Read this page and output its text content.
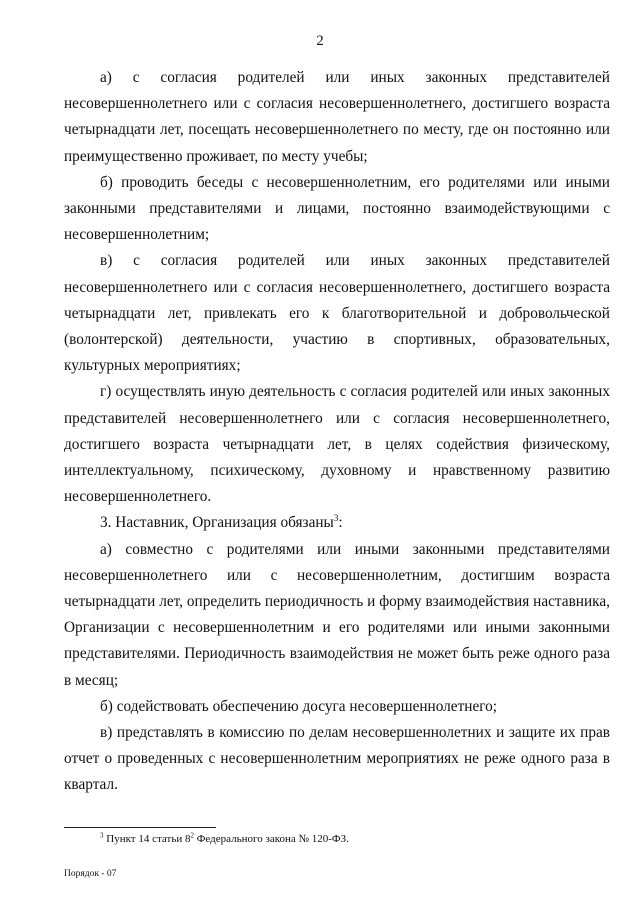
2

а) с согласия родителей или иных законных представителей несовершеннолетнего или с согласия несовершеннолетнего, достигшего возраста четырнадцати лет, посещать несовершеннолетнего по месту, где он постоянно или преимущественно проживает, по месту учебы;

б) проводить беседы с несовершеннолетним, его родителями или иными законными представителями и лицами, постоянно взаимодействующими с несовершеннолетним;

в) с согласия родителей или иных законных представителей несовершеннолетнего или с согласия несовершеннолетнего, достигшего возраста четырнадцати лет, привлекать его к благотворительной и добровольческой (волонтерской) деятельности, участию в спортивных, образовательных, культурных мероприятиях;

г) осуществлять иную деятельность с согласия родителей или иных законных представителей несовершеннолетнего или с согласия несовершеннолетнего, достигшего возраста четырнадцати лет, в целях содействия физическому, интеллектуальному, психическому, духовному и нравственному развитию несовершеннолетнего.

3. Наставник, Организация обязаны$^3$:

а) совместно с родителями или иными законными представителями несовершеннолетнего или с несовершеннолетним, достигшим возраста четырнадцати лет, определить периодичность и форму взаимодействия наставника, Организации с несовершеннолетним и его родителями или иными законными представителями. Периодичность взаимодействия не может быть реже одного раза в месяц;

б) содействовать обеспечению досуга несовершеннолетнего;

в) представлять в комиссию по делам несовершеннолетних и защите их прав отчет о проведенных с несовершеннолетним мероприятиях не реже одного раза в квартал.

$^3$ Пункт 14 статьи $8^2$ Федерального закона № 120-ФЗ.
Порядок - 07
